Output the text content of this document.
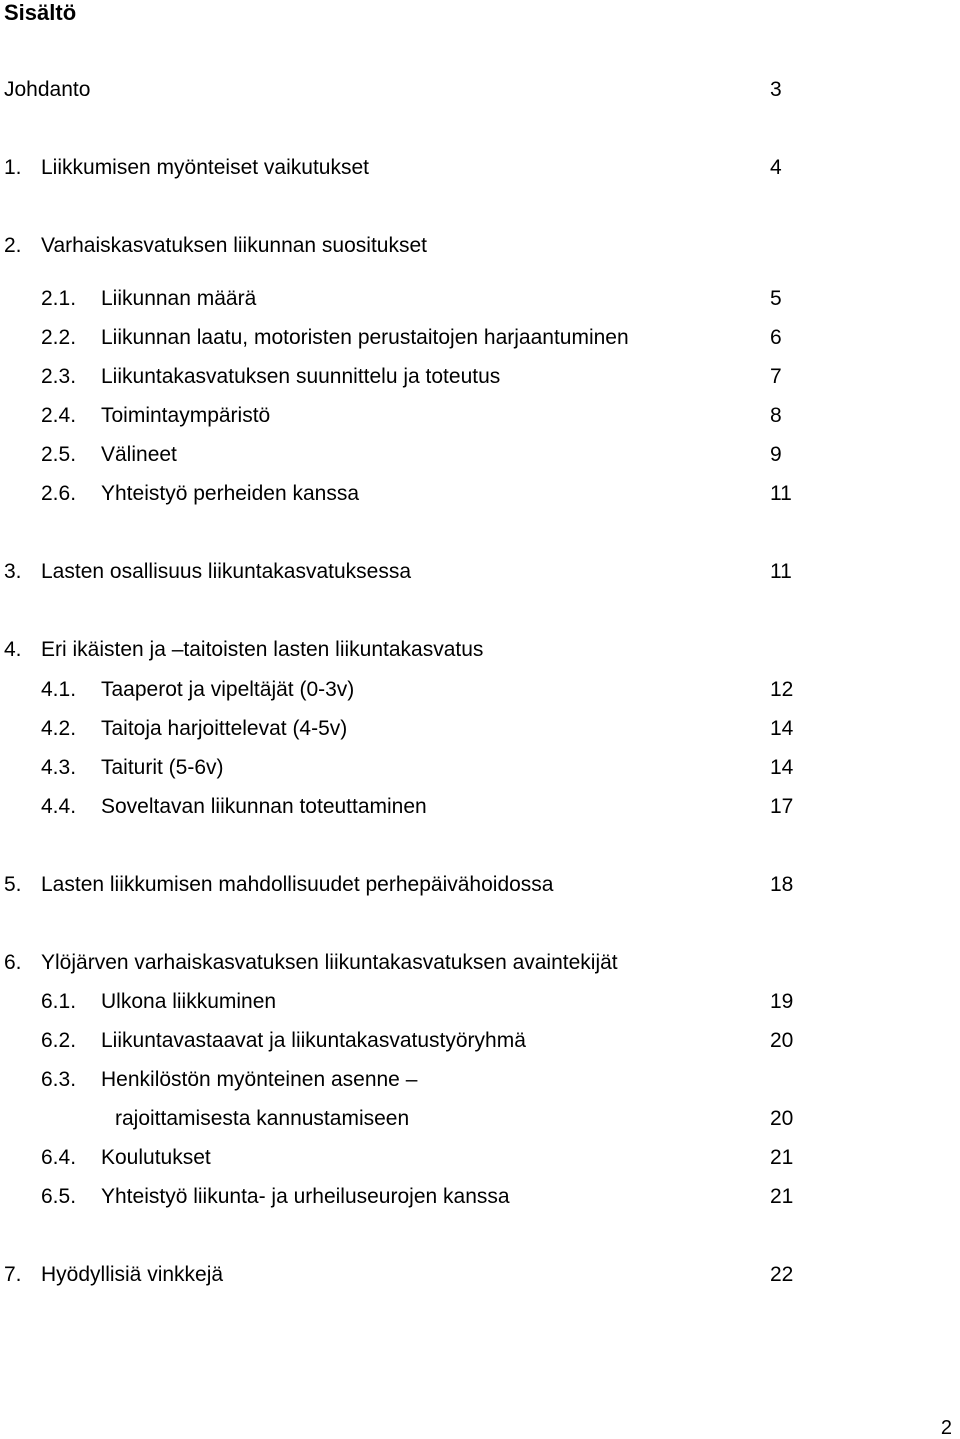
Sisältö
Johdanto	3
1. Liikkumisen myönteiset vaikutukset	4
2. Varhaiskasvatuksen liikunnan suositukset
2.1. Liikunnan määrä	5
2.2. Liikunnan laatu, motoristen perustaitojen harjaantuminen	6
2.3. Liikuntakasvatuksen suunnittelu ja toteutus	7
2.4. Toimintaympäristö	8
2.5. Välineet	9
2.6. Yhteistyö perheiden kanssa	11
3. Lasten osallisuus liikuntakasvatuksessa	11
4. Eri ikäisten ja –taitoisten lasten liikuntakasvatus
4.1. Taaperot ja vipeltäjät (0-3v)	12
4.2. Taitoja harjoittelevat (4-5v)	14
4.3. Taiturit (5-6v)	14
4.4. Soveltavan liikunnan toteuttaminen	17
5. Lasten liikkumisen mahdollisuudet perhepäivähoidossa	18
6. Ylöjärven varhaiskasvatuksen liikuntakasvatuksen avaintekijät
6.1. Ulkona liikkuminen	19
6.2. Liikuntavastaavat ja liikuntakasvatustyöryhmä	20
6.3. Henkilöstön myönteinen asenne –
rajoittamisesta kannustamiseen	20
6.4. Koulutukset	21
6.5. Yhteistyö liikunta- ja urheiluseurojen kanssa	21
7. Hyödyllisiä vinkkejä	22
2
